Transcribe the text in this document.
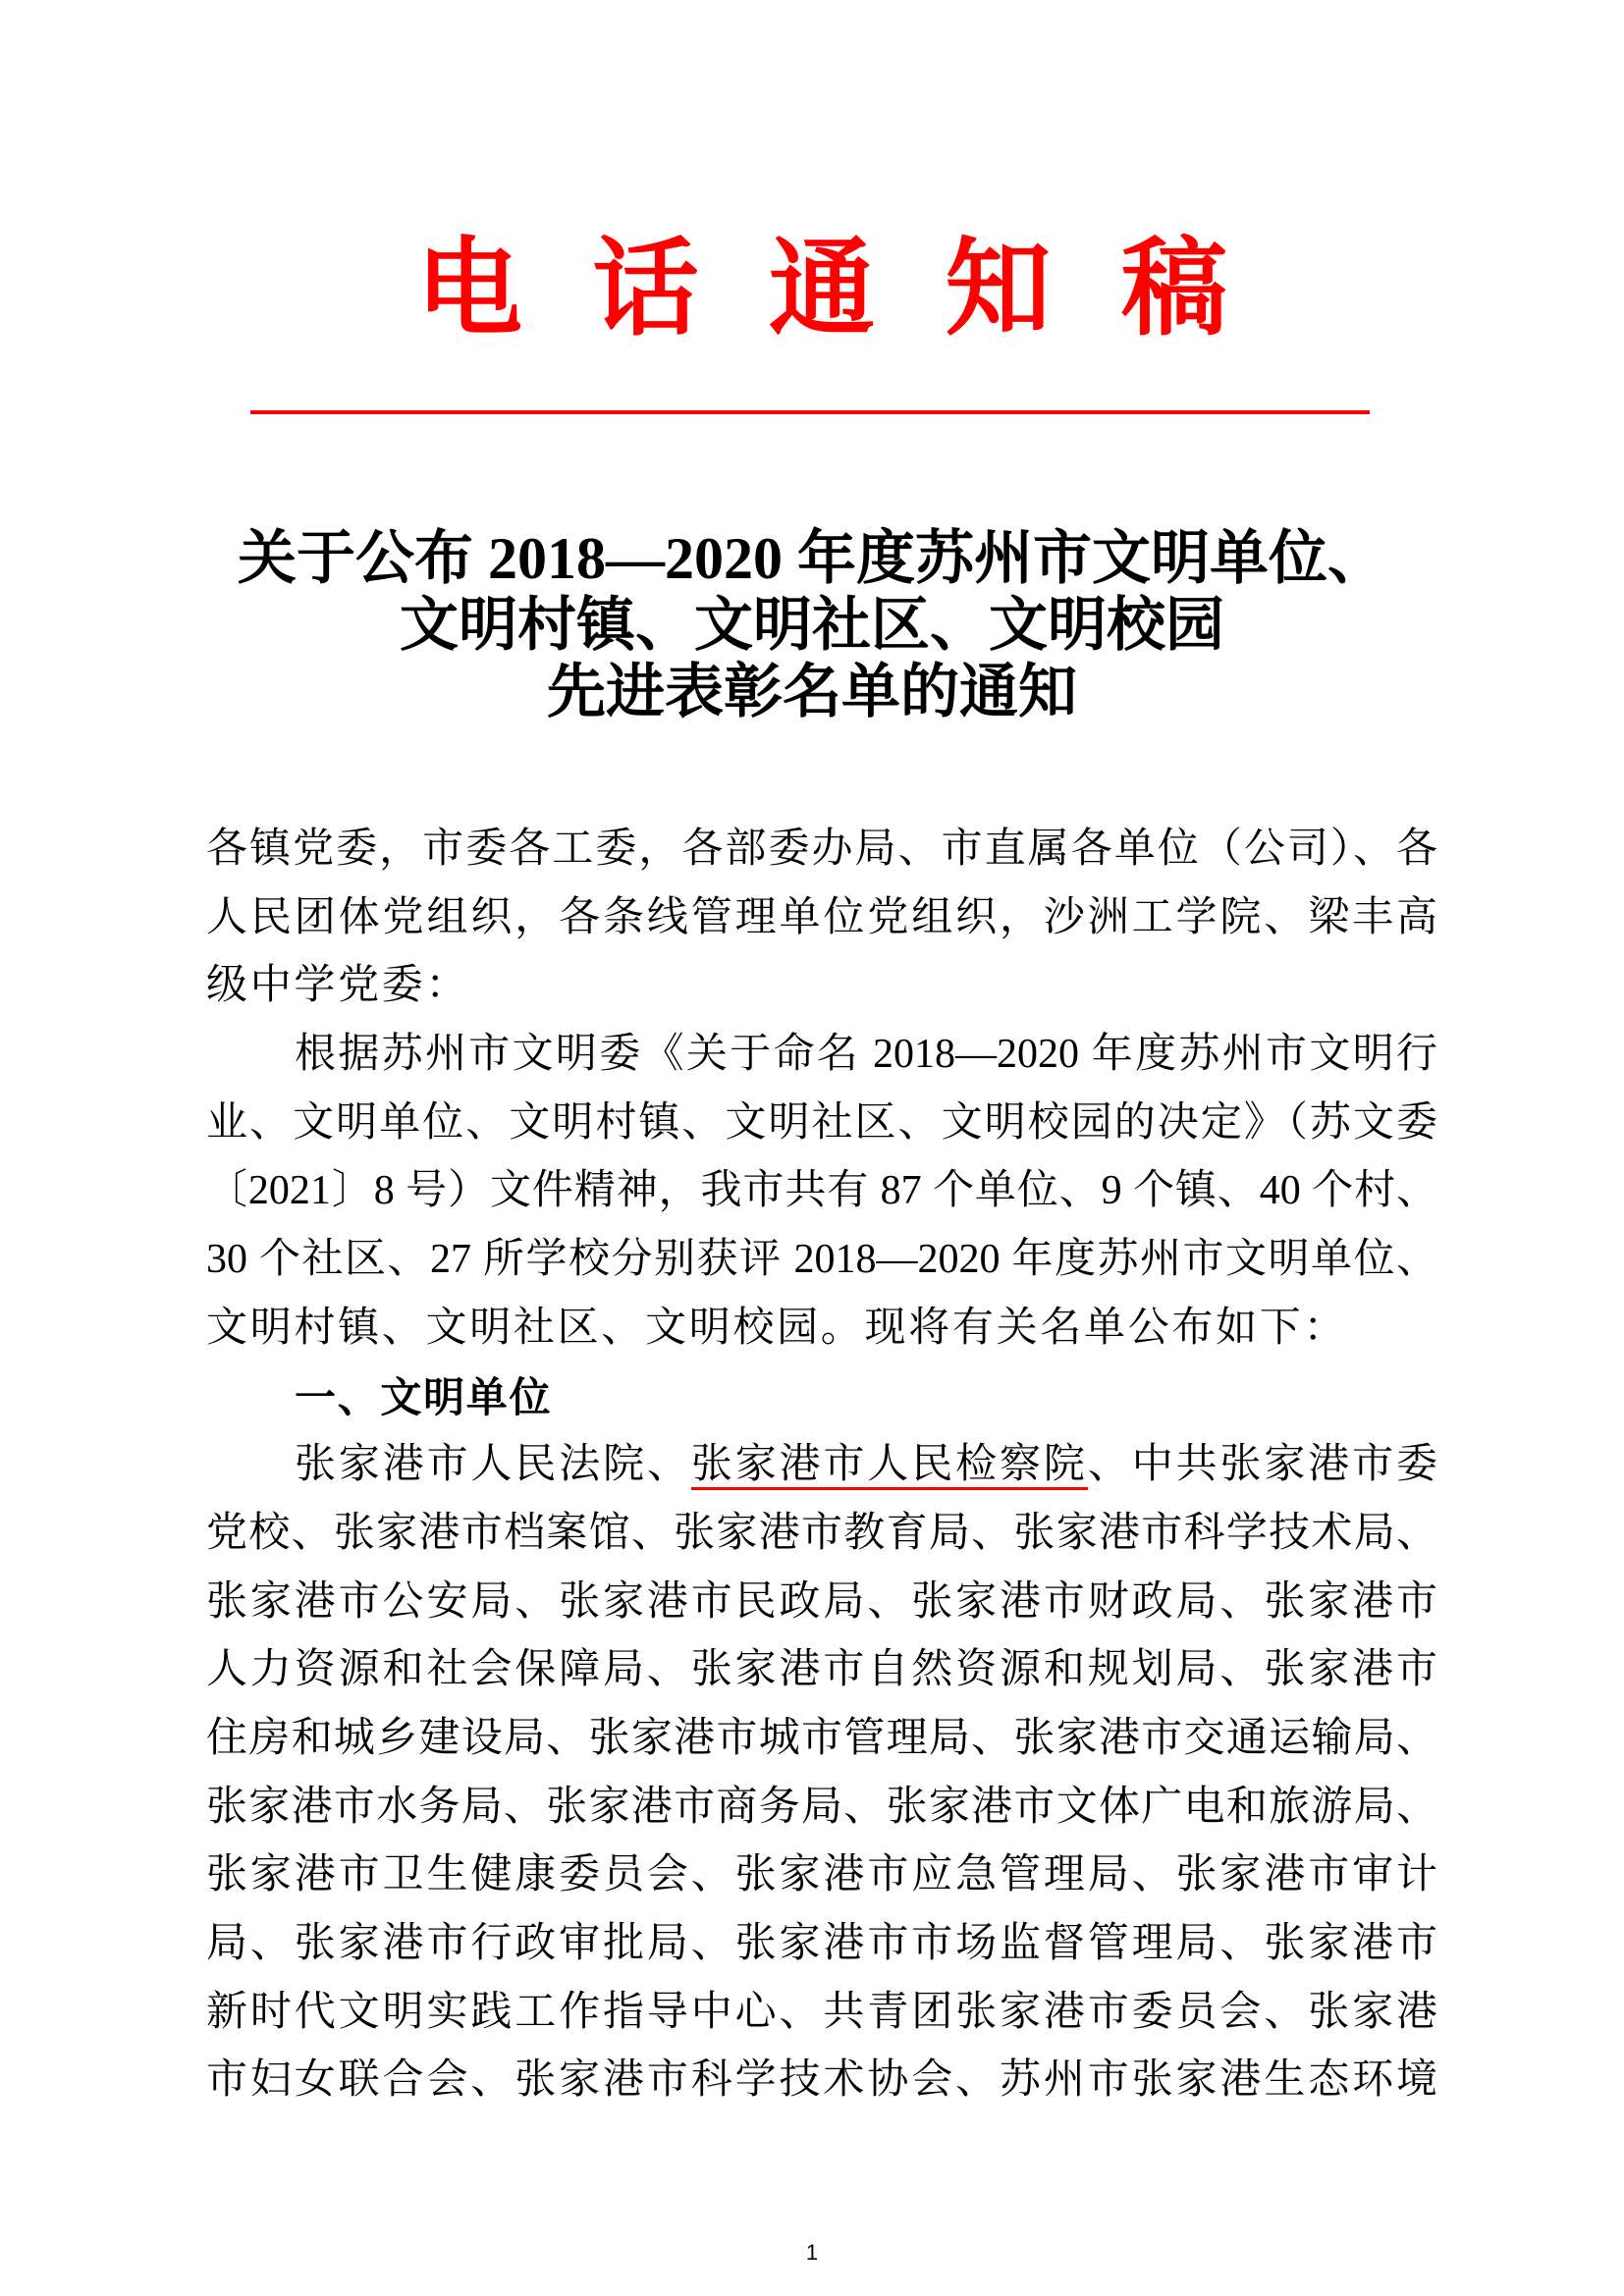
电 话 通 知 稿
关于公布 2018—2020 年度苏州市文明单位、
文明村镇、文明社区、文明校园
先进表彰名单的通知
各镇党委，市委各工委，各部委办局、市直属各单位（公司）、各
人民团体党组织，各条线管理单位党组织，沙洲工学院、梁丰高
级中学党委：
根据苏州市文明委《关于命名 2018—2020 年度苏州市文明行
业、文明单位、文明村镇、文明社区、文明校园的决定》（苏文委
〔2021〕8 号）文件精神，我市共有 87 个单位、9 个镇、40 个村、
30 个社区、27 所学校分别获评 2018—2020 年度苏州市文明单位、
文明村镇、文明社区、文明校园。现将有关名单公布如下：
一、文明单位
张家港市人民法院、张家港市人民检察院、中共张家港市委
党校、张家港市档案馆、张家港市教育局、张家港市科学技术局、
张家港市公安局、张家港市民政局、张家港市财政局、张家港市
人力资源和社会保障局、张家港市自然资源和规划局、张家港市
住房和城乡建设局、张家港市城市管理局、张家港市交通运输局、
张家港市水务局、张家港市商务局、张家港市文体广电和旅游局、
张家港市卫生健康委员会、张家港市应急管理局、张家港市审计
局、张家港市行政审批局、张家港市市场监督管理局、张家港市
新时代文明实践工作指导中心、共青团张家港市委员会、张家港
市妇女联合会、张家港市科学技术协会、苏州市张家港生态环境
1
